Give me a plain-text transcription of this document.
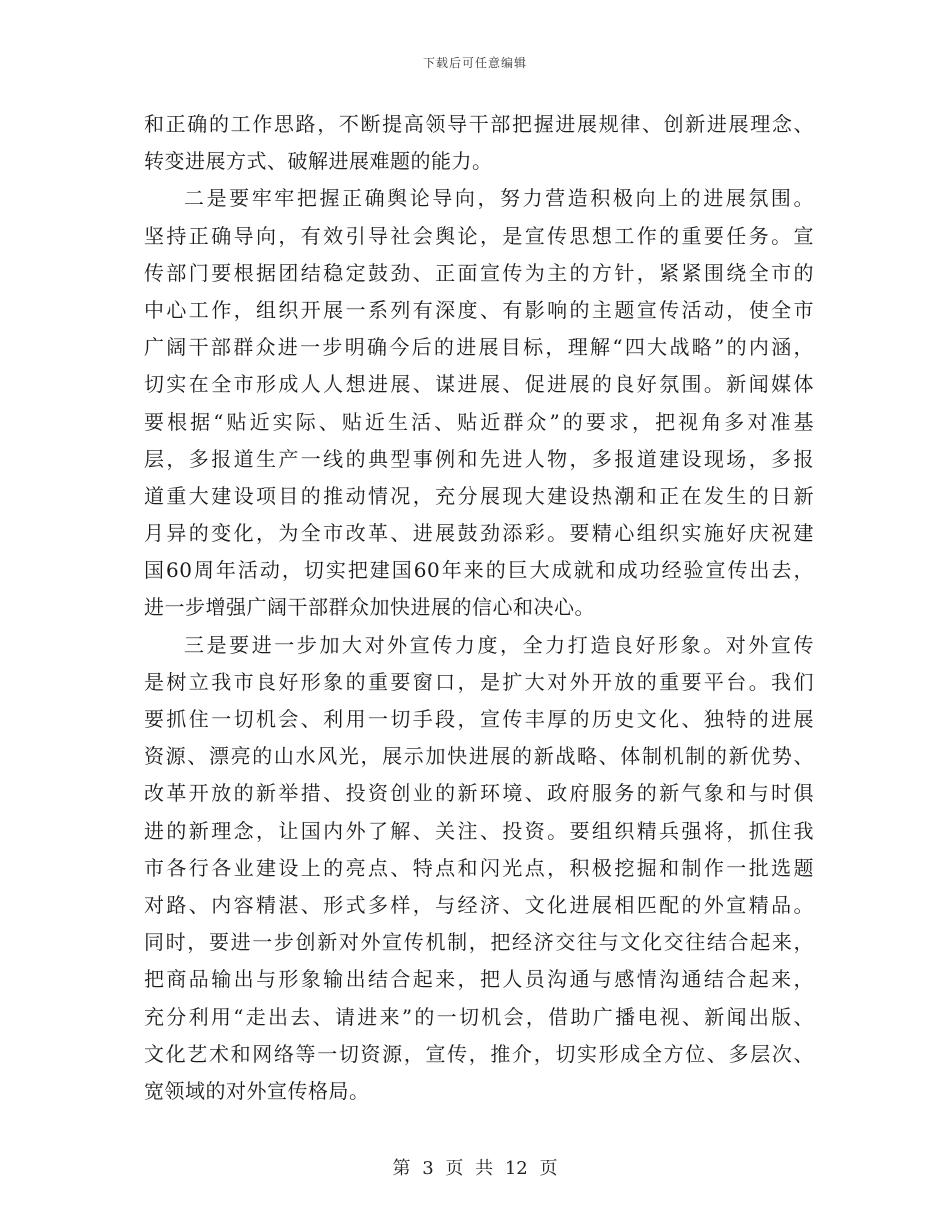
下载后可任意编辑
和正确的工作思路，不断提高领导干部把握进展规律、创新进展理念、
转变进展方式、破解进展难题的能力。
二是要牢牢把握正确舆论导向，努力营造积极向上的进展氛围。
坚持正确导向，有效引导社会舆论，是宣传思想工作的重要任务。宣
传部门要根据团结稳定鼓劲、正面宣传为主的方针，紧紧围绕全市的
中心工作，组织开展一系列有深度、有影响的主题宣传活动，使全市
广阔干部群众进一步明确今后的进展目标，理解“四大战略”的内涵，
切实在全市形成人人想进展、谋进展、促进展的良好氛围。新闻媒体
要根据“贴近实际、贴近生活、贴近群众”的要求，把视角多对准基
层，多报道生产一线的典型事例和先进人物，多报道建设现场，多报
道重大建设项目的推动情况，充分展现大建设热潮和正在发生的日新
月异的变化，为全市改革、进展鼓劲添彩。要精心组织实施好庆祝建
国60周年活动，切实把建国60年来的巨大成就和成功经验宣传出去，
进一步增强广阔干部群众加快进展的信心和决心。
三是要进一步加大对外宣传力度，全力打造良好形象。对外宣传
是树立我市良好形象的重要窗口，是扩大对外开放的重要平台。我们
要抓住一切机会、利用一切手段，宣传丰厚的历史文化、独特的进展
资源、漂亮的山水风光，展示加快进展的新战略、体制机制的新优势、
改革开放的新举措、投资创业的新环境、政府服务的新气象和与时俱
进的新理念，让国内外了解、关注、投资。要组织精兵强将，抓住我
市各行各业建设上的亮点、特点和闪光点，积极挖掘和制作一批选题
对路、内容精湛、形式多样，与经济、文化进展相匹配的外宣精品。
同时，要进一步创新对外宣传机制，把经济交往与文化交往结合起来，
把商品输出与形象输出结合起来，把人员沟通与感情沟通结合起来，
充分利用“走出去、请进来”的一切机会，借助广播电视、新闻出版、
文化艺术和网络等一切资源，宣传，推介，切实形成全方位、多层次、
宽领域的对外宣传格局。
第 3 页 共 12 页
